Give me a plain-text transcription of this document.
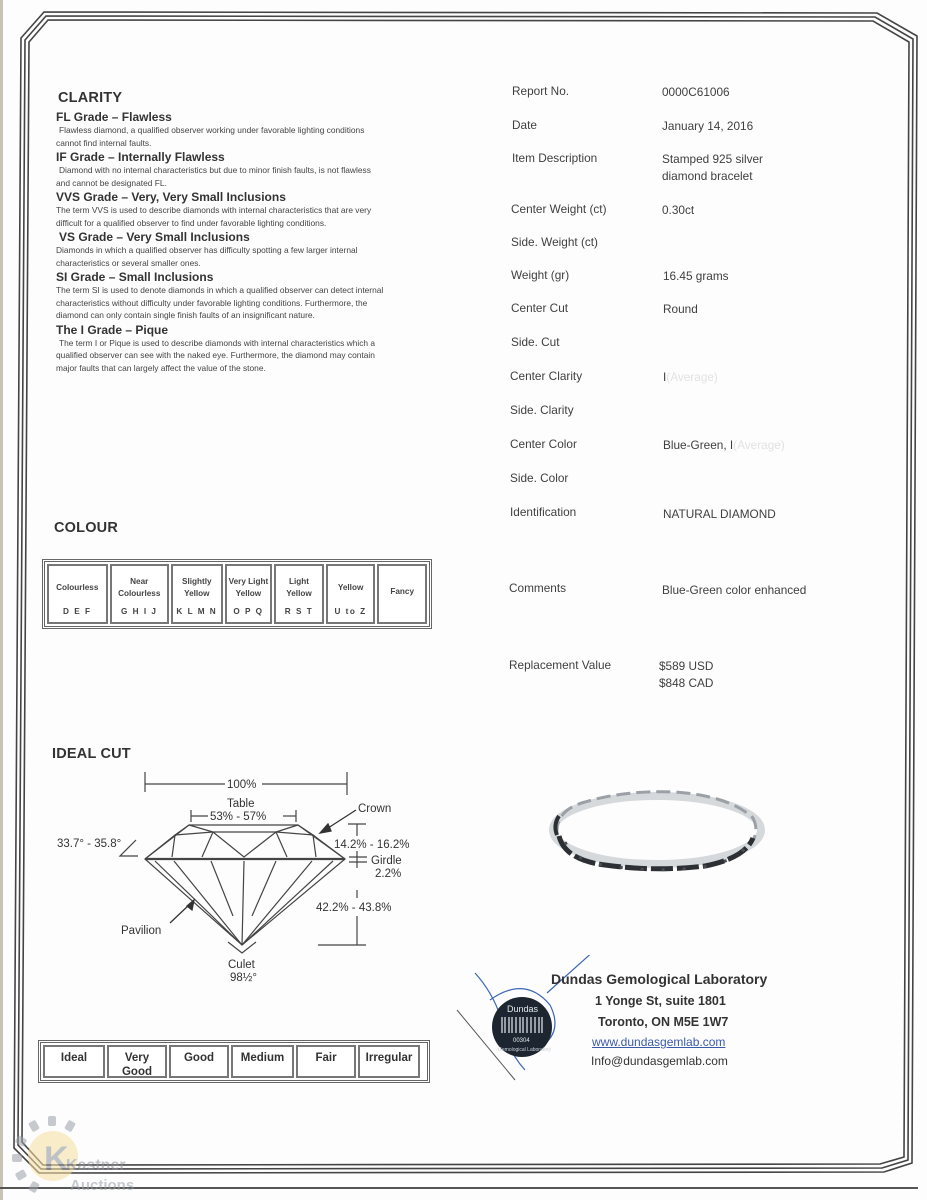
CLARITY
FL Grade – Flawless
Flawless diamond, a qualified observer working under favorable lighting conditions
cannot find internal faults.
IF Grade – Internally Flawless
Diamond with no internal characteristics but due to minor finish faults, is not flawless
and cannot be designated FL.
VVS Grade – Very, Very Small Inclusions
The term VVS is used to describe diamonds with internal characteristics that are very
difficult for a qualified observer to find under favorable lighting conditions.
VS Grade – Very Small Inclusions
Diamonds in which a qualified observer has difficulty spotting a few larger internal
characteristics or several smaller ones.
SI Grade – Small Inclusions
The term SI is used to denote diamonds in which a qualified observer can detect internal
characteristics without difficulty under favorable lighting conditions. Furthermore, the
diamond can only contain single finish faults of an insignificant nature.
The I Grade – Pique
The term I or Pique is used to describe diamonds with internal characteristics which a
qualified observer can see with the naked eye. Furthermore, the diamond may contain
major faults that can largely affect the value of the stone.
COLOUR
Colourless
D E F
Near Colourless
G H I J
Slightly Yellow
K L M N
Very Light Yellow
O P Q
Light Yellow
R S T
Yellow
U to Z
Fancy
IDEAL CUT
100%
Table
53% - 57%
Crown
33.7° - 35.8°	14.2% - 16.2%
Girdle
2.2%
42.2% - 43.8%
Pavilion
Culet
98½°
Ideal	Very Good
Good Medium	Fair	Irregular
Report No.	0000C61006
Date	January 14, 2016
Item Description	Stamped 925 silver
diamond bracelet
Center Weight (ct)	0.30ct
Side. Weight (ct)
Weight (gr)	16.45 grams
Center Cut	Round
Side. Cut
Center Clarity	I(Average)
Side. Clarity
Center Color	Blue-Green, I(Average)
Side. Color
Identification	NATURAL DIAMOND
Comments	Blue-Green color enhanced
Replacement Value	$589 USD
$848 CAD
Dundas
00304
Gemological Laboratory
Dundas Gemological Laboratory
1 Yonge St, suite 1801
Toronto, ON M5E 1W7
www.dundasgemlab.com
Info@dundasgemlab.com
K
Kastner
Auctions
